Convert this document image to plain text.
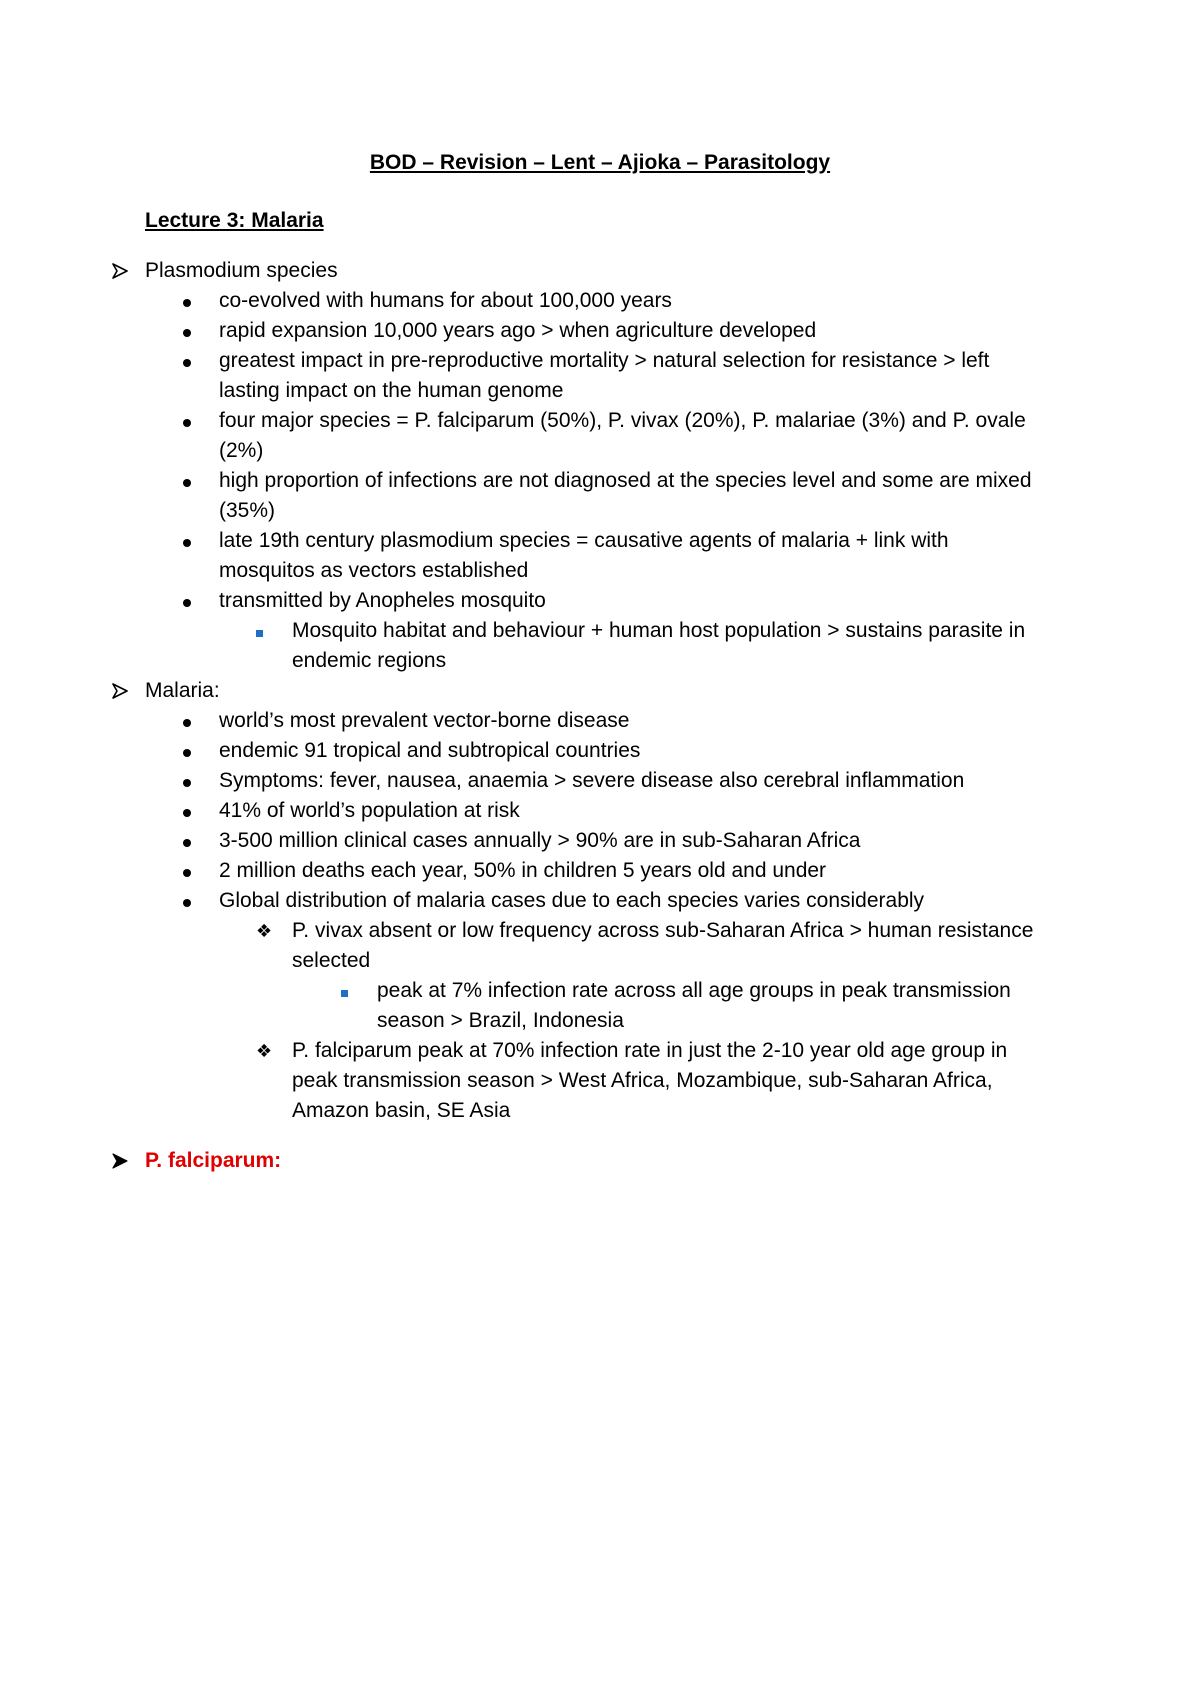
BOD – Revision – Lent – Ajioka – Parasitology
Lecture 3: Malaria
Plasmodium species
co-evolved with humans for about 100,000 years
rapid expansion 10,000 years ago > when agriculture developed
greatest impact in pre-reproductive mortality > natural selection for resistance > left lasting impact on the human genome
four major species = P. falciparum (50%), P. vivax (20%), P. malariae (3%) and P. ovale (2%)
high proportion of infections are not diagnosed at the species level and some are mixed (35%)
late 19th century plasmodium species = causative agents of malaria + link with mosquitos as vectors established
transmitted by Anopheles mosquito
Mosquito habitat and behaviour + human host population > sustains parasite in endemic regions
Malaria:
world’s most prevalent vector-borne disease
endemic 91 tropical and subtropical countries
Symptoms: fever, nausea, anaemia > severe disease also cerebral inflammation
41% of world’s population at risk
3-500 million clinical cases annually > 90% are in sub-Saharan Africa
2 million deaths each year, 50% in children 5 years old and under
Global distribution of malaria cases due to each species varies considerably
❖ P. vivax absent or low frequency across sub-Saharan Africa > human resistance selected
peak at 7% infection rate across all age groups in peak transmission season > Brazil, Indonesia
❖ P. falciparum peak at 70% infection rate in just the 2-10 year old age group in peak transmission season > West Africa, Mozambique, sub-Saharan Africa, Amazon basin, SE Asia
P. falciparum:
